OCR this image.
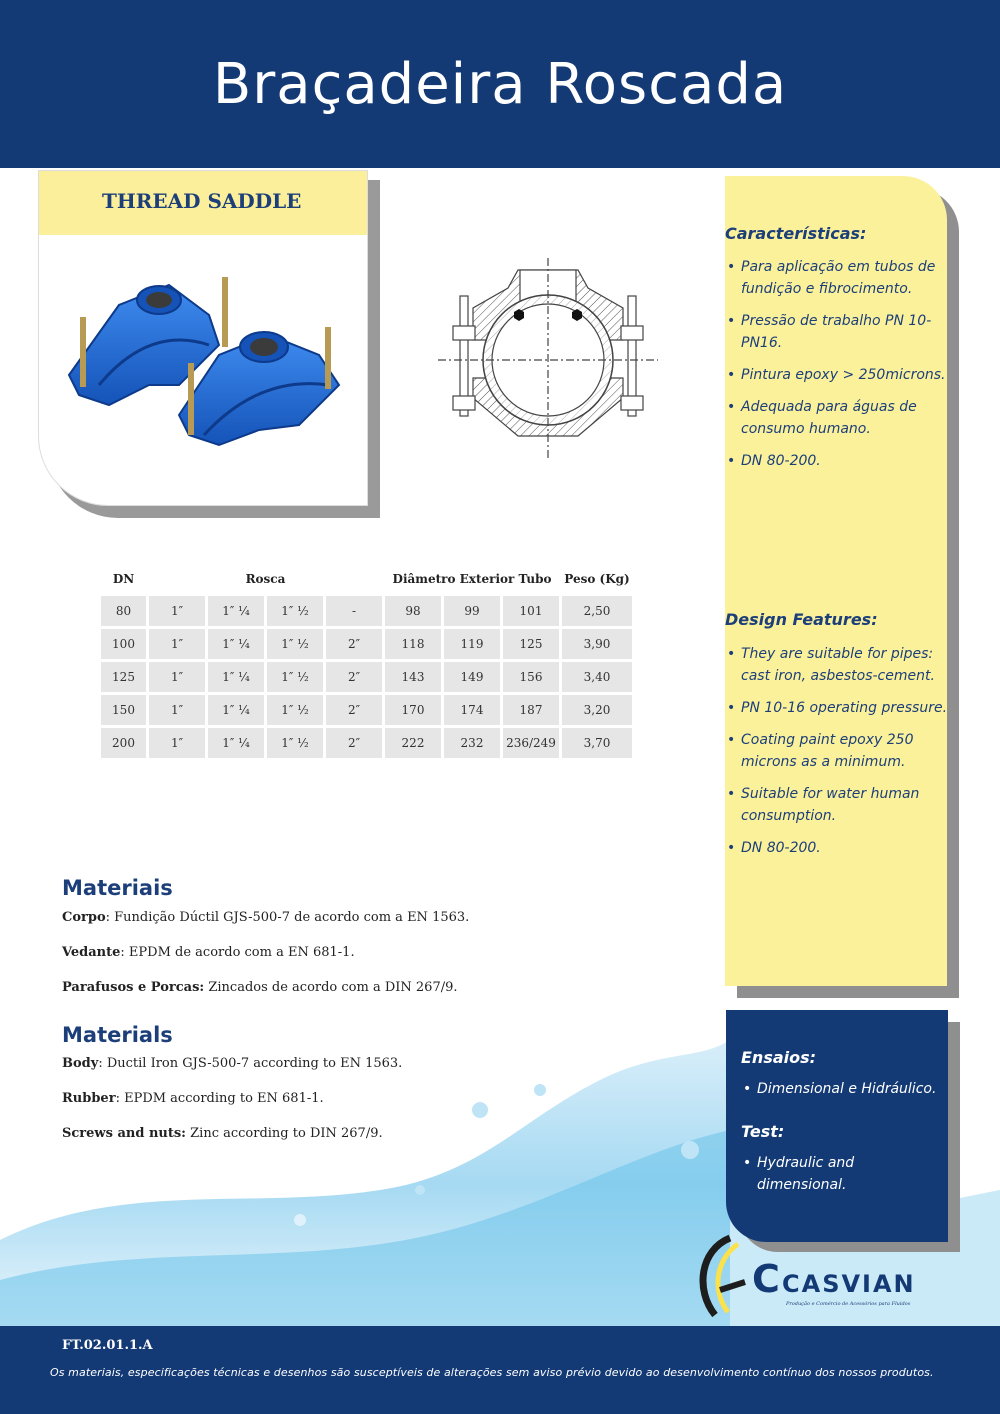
Braçadeira Roscada
THREAD SADDLE
Características:
• Para aplicação em tubos de fundição e fibrocimento.
• Pressão de trabalho PN 10- PN16.
• Pintura epoxy > 250microns.
• Adequada para águas de consumo humano.
• DN 80-200.
Design Features:
• They are suitable for pipes: cast iron, asbestos-cement.
• PN 10-16 operating pressure.
• Coating paint epoxy 250 microns as a minimum.
• Suitable for water human consumption.
• DN 80-200.
DN	Rosca				Diâmetro Exterior Tubo			Peso (Kg)
80	1″	1″ ¼	1″ ½	-	98	99	101	2,50
100	1″	1″ ¼	1″ ½	2″	118	119	125	3,90
125	1″	1″ ¼	1″ ½	2″	143	149	156	3,40
150	1″	1″ ¼	1″ ½	2″	170	174	187	3,20
200	1″	1″ ¼	1″ ½	2″	222	232	236/249	3,70
Materiais
Corpo: Fundição Dúctil GJS-500-7 de acordo com a EN 1563.
Vedante: EPDM de acordo com a EN 681-1.
Parafusos e Porcas: Zincados de acordo com a DIN 267/9.
Materials
Body: Ductil Iron GJS-500-7 according to EN 1563.
Rubber: EPDM according to EN 681-1.
Screws and nuts: Zinc according to DIN 267/9.
Ensaios:
• Dimensional e Hidráulico.
Test:
• Hydraulic and dimensional.
C CASVIAN
Produção e Comércio de Acessórios para Fluidos
FT.02.01.1.A
Os materiais, especificações técnicas e desenhos são susceptíveis de alterações sem aviso prévio devido ao desenvolvimento contínuo dos nossos produtos.
